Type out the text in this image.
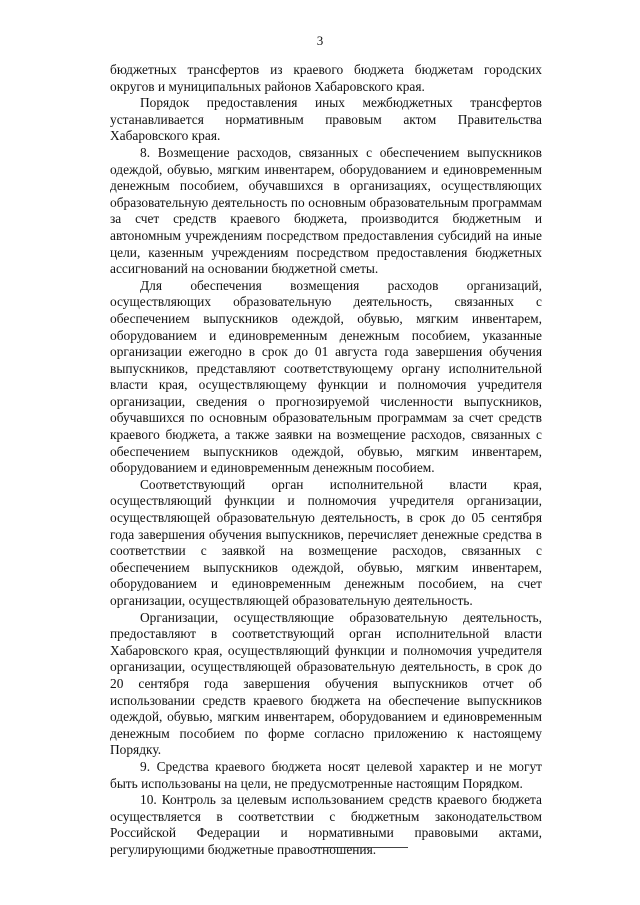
3

бюджетных трансфертов из краевого бюджета бюджетам городских округов и муниципальных районов Хабаровского края.

Порядок предоставления иных межбюджетных трансфертов устанавливается нормативным правовым актом Правительства Хабаровского края.

8. Возмещение расходов, связанных с обеспечением выпускников одеждой, обувью, мягким инвентарем, оборудованием и единовременным денежным пособием, обучавшихся в организациях, осуществляющих образовательную деятельность по основным образовательным программам за счет средств краевого бюджета, производится бюджетным и автономным учреждениям посредством предоставления субсидий на иные цели, казенным учреждениям посредством предоставления бюджетных ассигнований на основании бюджетной сметы.

Для обеспечения возмещения расходов организаций, осуществляющих образовательную деятельность, связанных с обеспечением выпускников одеждой, обувью, мягким инвентарем, оборудованием и единовременным денежным пособием, указанные организации ежегодно в срок до 01 августа года завершения обучения выпускников, представляют соответствующему органу исполнительной власти края, осуществляющему функции и полномочия учредителя организации, сведения о прогнозируемой численности выпускников, обучавшихся по основным образовательным программам за счет средств краевого бюджета, а также заявки на возмещение расходов, связанных с обеспечением выпускников одеждой, обувью, мягким инвентарем, оборудованием и единовременным денежным пособием.

Соответствующий орган исполнительной власти края, осуществляющий функции и полномочия учредителя организации, осуществляющей образовательную деятельность, в срок до 05 сентября года завершения обучения выпускников, перечисляет денежные средства в соответствии с заявкой на возмещение расходов, связанных с обеспечением выпускников одеждой, обувью, мягким инвентарем, оборудованием и единовременным денежным пособием, на счет организации, осуществляющей образовательную деятельность.

Организации, осуществляющие образовательную деятельность, предоставляют в соответствующий орган исполнительной власти Хабаровского края, осуществляющий функции и полномочия учредителя организации, осуществляющей образовательную деятельность, в срок до 20 сентября года завершения обучения выпускников отчет об использовании средств краевого бюджета на обеспечение выпускников одеждой, обувью, мягким инвентарем, оборудованием и единовременным денежным пособием по форме согласно приложению к настоящему Порядку.

9. Средства краевого бюджета носят целевой характер и не могут быть использованы на цели, не предусмотренные настоящим Порядком.

10. Контроль за целевым использованием средств краевого бюджета осуществляется в соответствии с бюджетным законодательством Российской Федерации и нормативными правовыми актами, регулирующими бюджетные правоотношения.
